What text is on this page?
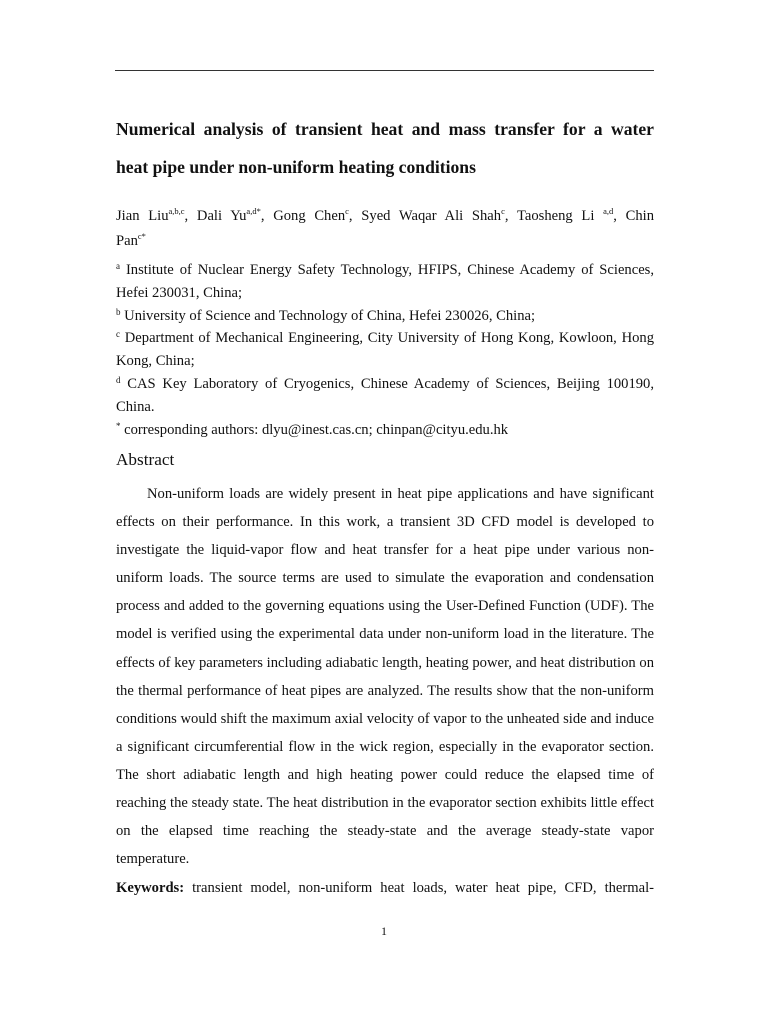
Numerical analysis of transient heat and mass transfer for a water
heat pipe under non-uniform heating conditions
Jian Liu$^{a,b,c}$, Dali $Yu^{a,d*}$, Gong Chen$^c$, Syed Waqar Ali Shah$^c$, Taosheng Li $^{a,d}$, Chin
Pan$^{c*}$
$^a$ Institute of Nuclear Energy Safety Technology, HFIPS, Chinese Academy of Sciences, Hefei 230031, China;
$^b$ University of Science and Technology of China, Hefei 230026, China;
$^c$ Department of Mechanical Engineering, City University of Hong Kong, Kowloon, Hong Kong, China;
$^d$ CAS Key Laboratory of Cryogenics, Chinese Academy of Sciences, Beijing 100190, China.
* corresponding authors: dlyu@inest.cas.cn; chinpan@cityu.edu.hk
Abstract
Non-uniform loads are widely present in heat pipe applications and have significant effects on their performance. In this work, a transient 3D CFD model is developed to investigate the liquid-vapor flow and heat transfer for a heat pipe under various non-uniform loads. The source terms are used to simulate the evaporation and condensation process and added to the governing equations using the User-Defined Function (UDF). The model is verified using the experimental data under non-uniform load in the literature. The effects of key parameters including adiabatic length, heating power, and heat distribution on the thermal performance of heat pipes are analyzed. The results show that the non-uniform conditions would shift the maximum axial velocity of vapor to the unheated side and induce a significant circumferential flow in the wick region, especially in the evaporator section. The short adiabatic length and high heating power could reduce the elapsed time of reaching the steady state. The heat distribution in the evaporator section exhibits little effect on the elapsed time reaching the steady-state and the average steady-state vapor temperature.
Keywords: transient model, non-uniform heat loads, water heat pipe, CFD, thermal-
1
